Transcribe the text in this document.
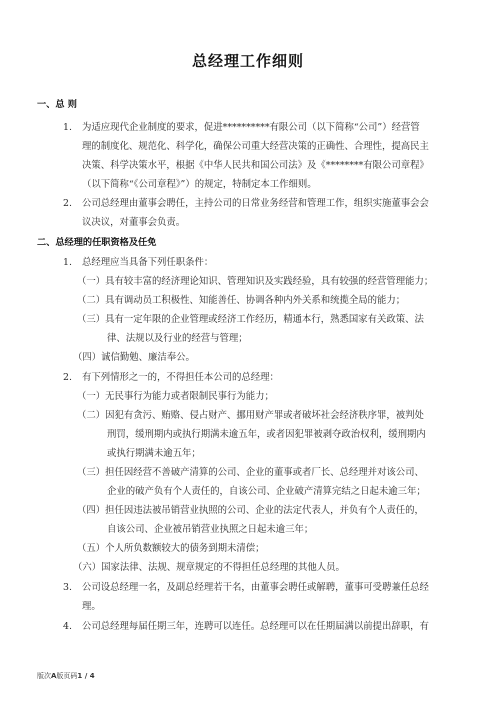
总经理工作细则
一、总 则
1. 为适应现代企业制度的要求，促进**********有限公司（以下简称“公司”）经营管
理的制度化、规范化、科学化，确保公司重大经营决策的正确性、合理性，提高民主
决策、科学决策水平，根据《中华人民共和国公司法》及《********有限公司章程》
（以下简称“《公司章程》”）的规定，特制定本工作细则。
2. 公司总经理由董事会聘任，主持公司的日常业务经营和管理工作，组织实施董事会会
议决议，对董事会负责。
二、总经理的任职资格及任免
1. 总经理应当具备下列任职条件：
（一）具有较丰富的经济理论知识、管理知识及实践经验，具有较强的经营管理能力；
（二）具有调动员工积极性、知能善任、协调各种内外关系和统揽全局的能力；
（三）具有一定年限的企业管理或经济工作经历，精通本行，熟悉国家有关政策、法
律、法规以及行业的经营与管理；
（四）诚信勤勉、廉洁奉公。
2. 有下列情形之一的，不得担任本公司的总经理：
（一）无民事行为能力或者限制民事行为能力；
（二）因犯有贪污、贿赂、侵占财产、挪用财产罪或者破坏社会经济秩序罪，被判处
刑罚，缓刑期内或执行期满未逾五年，或者因犯罪被剥夺政治权利，缓刑期内
或执行期满未逾五年；
（三）担任因经营不善破产清算的公司、企业的董事或者厂长、总经理并对该公司、
企业的破产负有个人责任的，自该公司、企业破产清算完结之日起未逾三年；
（四）担任因违法被吊销营业执照的公司、企业的法定代表人，并负有个人责任的，
自该公司、企业被吊销营业执照之日起未逾三年；
（五）个人所负数额较大的债务到期未清偿；
（六）国家法律、法规、规章规定的不得担任总经理的其他人员。
3. 公司设总经理一名，及副总经理若干名，由董事会聘任或解聘，董事可受聘兼任总经
理。
4. 公司总经理每届任期三年，连聘可以连任。总经理可以在任期届满以前提出辞职，有
版次A版页码1 / 4
